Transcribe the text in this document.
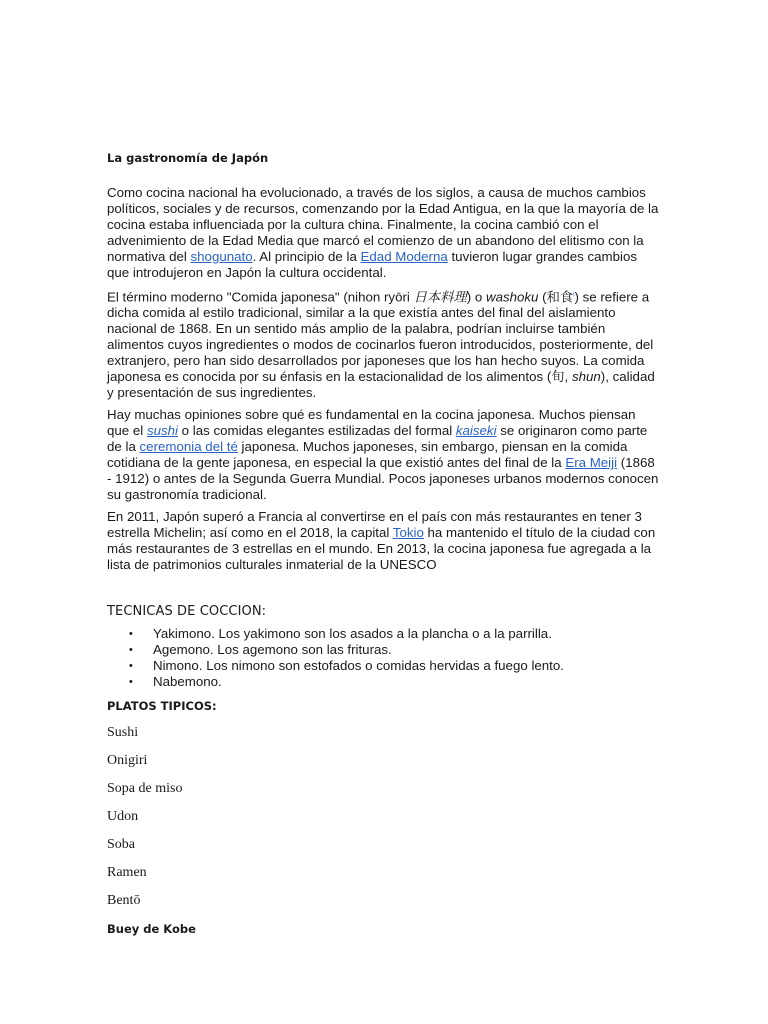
La gastronomía de Japón

Como cocina nacional ha evolucionado, a través de los siglos, a causa de muchos cambios políticos, sociales y de recursos, comenzando por la Edad Antigua, en la que la mayoría de la cocina estaba influenciada por la cultura china. Finalmente, la cocina cambió con el advenimiento de la Edad Media que marcó el comienzo de un abandono del elitismo con la normativa del shogunato. Al principio de la Edad Moderna tuvieron lugar grandes cambios que introdujeron en Japón la cultura occidental.

El término moderno "Comida japonesa" (nihon ryōri 日本料理) o washoku (和食$^i$) se refiere a dicha comida al estilo tradicional, similar a la que existía antes del final del aislamiento nacional de 1868. En un sentido más amplio de la palabra, podrían incluirse también alimentos cuyos ingredientes o modos de cocinarlos fueron introducidos, posteriormente, del extranjero, pero han sido desarrollados por japoneses que los han hecho suyos. La comida japonesa es conocida por su énfasis en la estacionalidad de los alimentos (旬, shun), calidad y presentación de sus ingredientes.

Hay muchas opiniones sobre qué es fundamental en la cocina japonesa. Muchos piensan que el sushi o las comidas elegantes estilizadas del formal kaiseki se originaron como parte de la ceremonia del té japonesa. Muchos japoneses, sin embargo, piensan en la comida cotidiana de la gente japonesa, en especial la que existió antes del final de la Era Meiji (1868 - 1912) o antes de la Segunda Guerra Mundial. Pocos japoneses urbanos modernos conocen su gastronomía tradicional.

En 2011, Japón superó a Francia al convertirse en el país con más restaurantes en tener 3 estrella Michelin; así como en el 2018, la capital Tokio ha mantenido el título de la ciudad con más restaurantes de 3 estrellas en el mundo. En 2013, la cocina japonesa fue agregada a la lista de patrimonios culturales inmaterial de la UNESCO

TECNICAS DE COCCION:
• Yakimono. Los yakimono son los asados a la plancha o a la parrilla.
• Agemono. Los agemono son las frituras.
• Nimono. Los nimono son estofados o comidas hervidas a fuego lento.
• Nabemono.
PLATOS TIPICOS:
Sushi
Onigiri
Sopa de miso
Udon
Soba
Ramen
Bentō
Buey de Kobe
